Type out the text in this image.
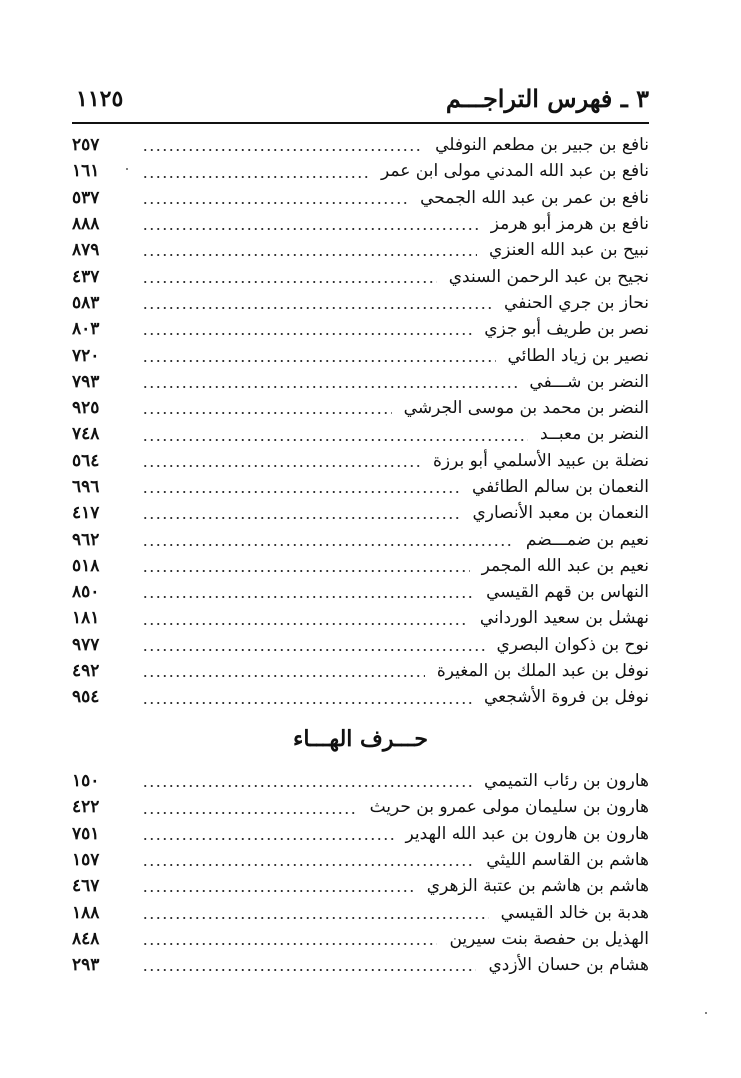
٣ ـ فهرس التراجـــم
١١٢٥
نافع بن جبير بن مطعم النوفلي
٢٥٧
نافع بن عبد الله المدني مولى ابن عمر
١٦١
نافع بن عمر بن عبد الله الجمحي
٥٣٧
نافع بن هرمز أبو هرمز
٨٨٨
نبيح بن عبد الله العنزي
٨٧٩
نجيح بن عبد الرحمن السندي
٤٣٧
نحاز بن جري الحنفي
٥٨٣
نصر بن طريف أبو جزي
٨٠٣
نصير بن زياد الطائي
٧٢٠
النضر بن شـــفي
٧٩٣
النضر بن محمد بن موسى الجرشي
٩٢٥
النضر بن معبــد
٧٤٨
نضلة بن عبيد الأسلمي أبو برزة
٥٦٤
النعمان بن سالم الطائفي
٦٩٦
النعمان بن معبد الأنصاري
٤١٧
نعيم بن ضمـــضم
٩٦٢
نعيم بن عبد الله المجمر
٥١٨
النهاس بن قهم القيسي
٨٥٠
نهشل بن سعيد الورداني
١٨١
نوح بن ذكوان البصري
٩٧٧
نوفل بن عبد الملك بن المغيرة
٤٩٢
نوفل بن فروة الأشجعي
٩٥٤
حـــرف الهـــاء
هارون بن رئاب التميمي
١٥٠
هارون بن سليمان مولى عمرو بن حريث
٤٢٢
هارون بن هارون بن عبد الله الهدير
٧٥١
هاشم بن القاسم الليثي
١٥٧
هاشم بن هاشم بن عتبة الزهري
٤٦٧
هدبة بن خالد القيسي
١٨٨
الهذيل بن حفصة بنت سيرين
٨٤٨
هشام بن حسان الأزدي
٢٩٣
